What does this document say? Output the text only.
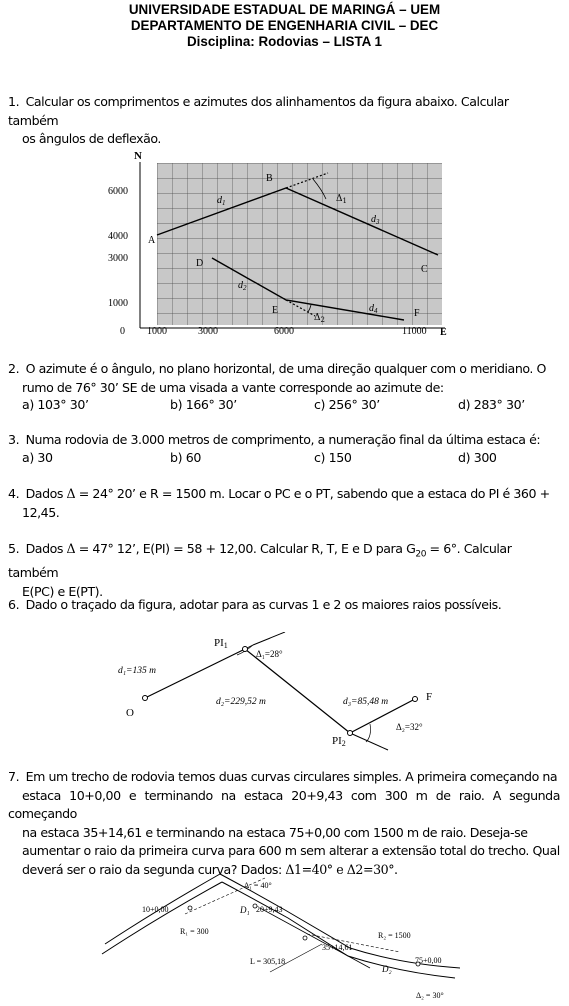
UNIVERSIDADE ESTADUAL DE MARINGÁ – UEM
DEPARTAMENTO DE ENGENHARIA CIVIL – DEC
Disciplina: Rodovias – LISTA 1
1. Calcular os comprimentos e azimutes dos alinhamentos da figura abaixo. Calcular também
os ângulos de deflexão.
N
E
6000
4000
3000
1000
0 1000	3000	6000	11000
A
B
C
D
E	F
$d_1$
$d_2$
$d_3$
$d_4$
$\Delta_1$
$\Delta_2$
2. O azimute é o ângulo, no plano horizontal, de uma direção qualquer com o meridiano. O
rumo de 76° 30’ SE de uma visada a vante corresponde ao azimute de:
a) 103° 30’	b) 166° 30’	c) 256° 30’	d) 283° 30’
3. Numa rodovia de 3.000 metros de comprimento, a numeração final da última estaca é:
a) 30	b) 60	c) 150	d) 300
4. Dados Δ = 24° 20’ e R = 1500 m. Locar o PC e o PT, sabendo que a estaca do PI é 360 +
12,45.
5. Dados Δ = 47° 12’, E(PI) = 58 + 12,00. Calcular R, T, E e D para $G_{20} = 6^\circ$. Calcular também
E(PC) e E(PT).
6. Dado o traçado da figura, adotar para as curvas 1 e 2 os maiores raios possíveis.
PI1
PI2
Δ₁=28°
Δ₂=32°
d₁=135 m
d₂=229,52 m	d₃=85,48 m
O
F
7. Em um trecho de rodovia temos duas curvas circulares simples. A primeira começando na
estaca 10+0,00 e terminando na estaca 20+9,43 com 300 m de raio. A segunda começando
na estaca 35+14,61 e terminando na estaca 75+0,00 com 1500 m de raio. Deseja-se
aumentar o raio da primeira curva para 600 m sem alterar a extensão total do trecho. Qual
deverá ser o raio da segunda curva? Dados: Δ1=40° e Δ2=30°.
10+0,00	20+9,43
35+14,61
75+0,00
Δ₁ = 40°
Δ₂ = 30°
R₁ = 300	R₂ = 1500
L = 305,18
D₁
D₂
